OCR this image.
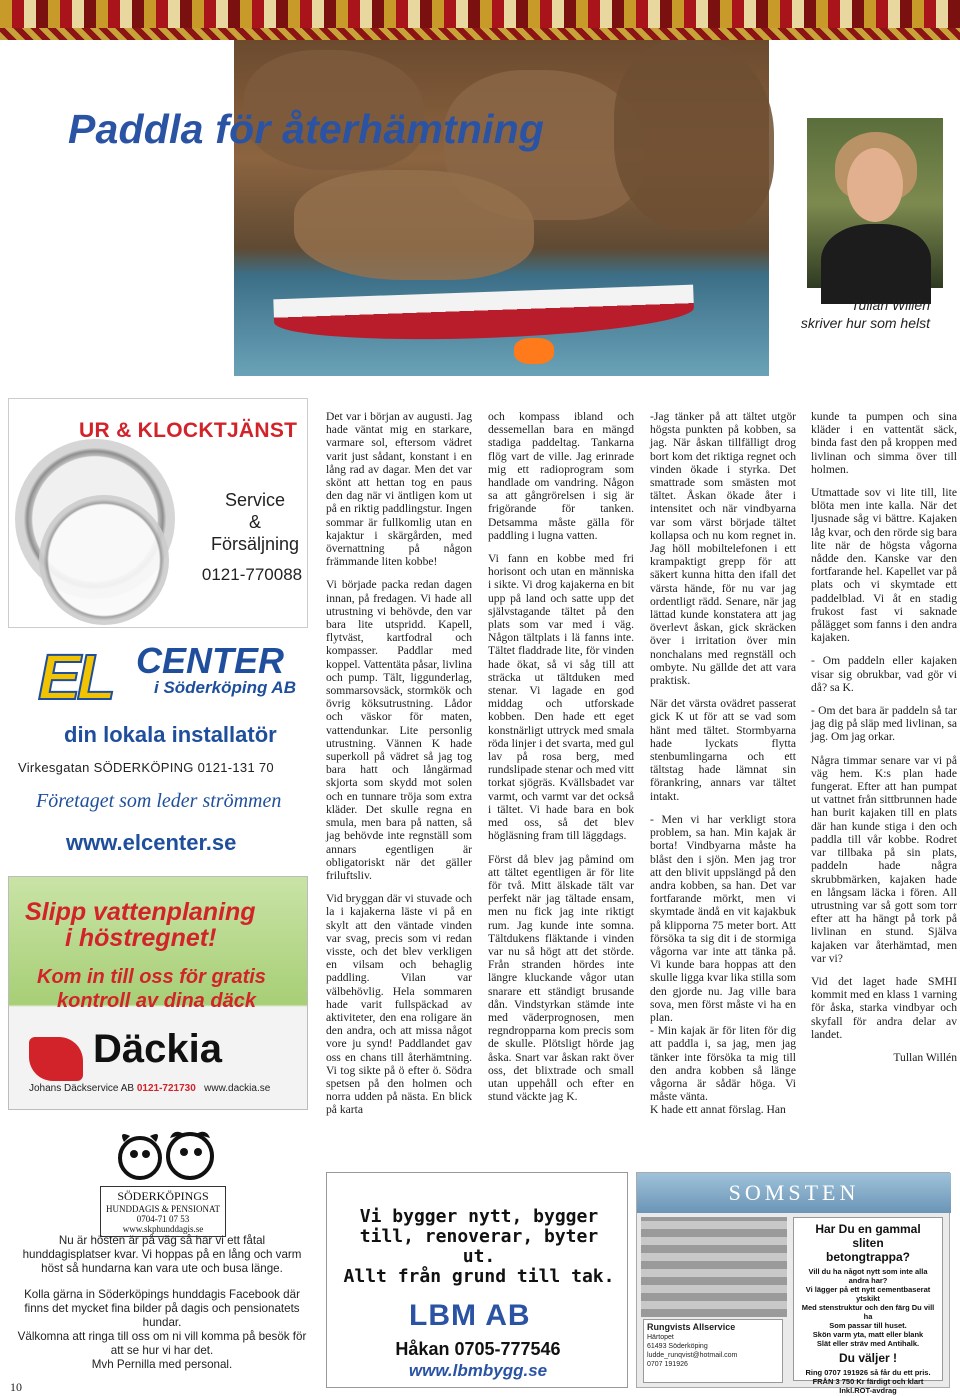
Paddla för återhämtning
Tullan Willén
skriver hur som helst
UR & KLOCKTJÄNST
Service
&
Försäljning
0121-770088
EL CENTER
i Söderköping AB
din lokala installatör
Virkesgatan SÖDERKÖPING 0121-131 70
Företaget som leder strömmen
www.elcenter.se
Slipp vattenplaning
i höstregnet!
Kom in till oss för gratis
kontroll av dina däck
Däckia
Johans Däckservice AB 0121-721730 www.dackia.se

Det var i början av augusti. Jag hade väntat mig en starkare, varmare sol, eftersom vädret varit just sådant, konstant i en lång rad av dagar. Men det var skönt att hettan tog en paus den dag när vi äntligen kom ut på en riktig paddlingstur. Ingen sommar är fullkomlig utan en kajaktur i skärgården, med övernattning på någon främmande liten kobbe!

Vi började packa redan dagen innan, på fredagen. Vi hade all utrustning vi behövde, den var bara lite utspridd. Kapell, flytväst, kartfodral och kompasser. Paddlar med koppel. Vattentäta påsar, livlina och pump. Tält, liggunderlag, sommarsovsäck, stormkök och övrig köksutrustning. Lådor och väskor för maten, vattendunkar. Lite personlig utrustning. Vännen K hade superkoll på vädret så jag tog bara hatt och långärmad skjorta som skydd mot solen och en tunnare tröja som extra kläder. Det skulle regna en smula, men bara på natten, så jag behövde inte regnställ som annars egentligen är obligatoriskt när det gäller friluftsliv.

Vid bryggan där vi stuvade och la i kajakerna läste vi på en skylt att den väntade vinden var svag, precis som vi redan visste, och det blev verkligen en vilsam och behaglig paddling. Vilan var välbehövlig. Hela sommaren hade varit fullspäckad av aktiviteter, den ena roligare än den andra, och att missa något vore ju synd! Paddlandet gav oss en chans till återhämtning. Vi tog sikte på ö efter ö. Södra spetsen på den holmen och norra udden på nästa. En blick på karta

och kompass ibland och dessemellan bara en mängd stadiga paddeltag. Tankarna flög vart de ville. Jag erinrade mig ett radioprogram som handlade om vandring. Någon sa att gångrörelsen i sig är frigörande för tanken. Detsamma måste gälla för paddling i lugna vatten.

Vi fann en kobbe med fri horisont och utan en människa i sikte. Vi drog kajakerna en bit upp på land och satte upp det självstagande tältet på den plats som var med i väg. Någon tältplats i lä fanns inte. Tältet fladdrade lite, för vinden hade ökat, så vi såg till att sträcka ut tältduken med stenar. Vi lagade en god middag och utforskade kobben. Den hade ett eget konstnärligt uttryck med smala röda linjer i det svarta, med gul lav på rosa berg, med rundslipade stenar och med vitt torkat sjögräs. Kvällsbadet var varmt, och varmt var det också i tältet. Vi hade bara en bok med oss, så det blev högläsning fram till läggdags.

Först då blev jag påmind om att tältet egentligen är för lite för två. Mitt älskade tält var perfekt när jag tältade ensam, men nu fick jag inte riktigt rum. Jag kunde inte somna. Tältdukens fläktande i vinden var nu så högt att det störde. Från stranden hördes inte längre kluckande vågor utan snarare ett ständigt brusande dån. Vindstyrkan stämde inte med väderprognosen, men regndropparna kom precis som de skulle. Plötsligt hörde jag åska. Snart var åskan rakt över oss, det blixtrade och small utan uppehåll och efter en stund väckte jag K.

-Jag tänker på att tältet utgör högsta punkten på kobben, sa jag. När åskan tillfälligt drog bort kom det riktiga regnet och vinden ökade i styrka. Det smattrade som smästen mot tältet. Åskan ökade åter i intensitet och när vindbyarna var som värst började tältet kollapsa och nu kom regnet in. Jag höll mobiltelefonen i ett krampaktigt grepp för att säkert kunna hitta den ifall det värsta hände, för nu var jag ordentligt rädd. Senare, när jag lättad kunde konstatera att jag överlevt åskan, gick skräcken över i irritation över min nonchalans med regnställ och ombyte. Nu gällde det att vara praktisk.

När det värsta ovädret passerat gick K ut för att se vad som hänt med tältet. Stormbyarna hade lyckats flytta stenbumlingarna och ett tältstag hade lämnat sin förankring, annars var tältet intakt.

- Men vi har verkligt stora problem, sa han. Min kajak är borta! Vindbyarna måste ha blåst den i sjön. Men jag tror att den blivit uppslängd på den andra kobben, sa han. Det var fortfarande mörkt, men vi skymtade ändå en vit kajakbuk på klipporna 75 meter bort. Att försöka ta sig dit i de stormiga vågorna var inte att tänka på. Vi kunde bara hoppas att den skulle ligga kvar lika stilla som den gjorde nu. Jag ville bara sova, men först måste vi ha en plan.

- Min kajak är för liten för dig att paddla i, sa jag, men jag tänker inte försöka ta mig till den andra kobben så länge vågorna är sådär höga. Vi måste vänta.

K hade ett annat förslag. Han

kunde ta pumpen och sina kläder i en vattentät säck, binda fast den på kroppen med livlinan och simma över till holmen.

Utmattade sov vi lite till, lite blöta men inte kalla. När det ljusnade såg vi bättre. Kajaken låg kvar, och den rörde sig bara lite när de högsta vågorna nådde den. Kanske var den fortfarande hel. Kapellet var på plats och vi skymtade ett paddelblad. Vi åt en stadig frukost fast vi saknade pålägget som fanns i den andra kajaken.

- Om paddeln eller kajaken visar sig obrukbar, vad gör vi då? sa K.

- Om det bara är paddeln så tar jag dig på släp med livlinan, sa jag. Om jag orkar.

Några timmar senare var vi på väg hem. K:s plan hade fungerat. Efter att han pumpat ut vattnet från sittbrunnen hade han burit kajaken till en plats där han kunde stiga i den och paddla till vår kobbe. Rodret var tillbaka på sin plats, paddeln hade några skrubbmärken, kajaken hade en långsam läcka i fören. All utrustning var så gott som torr efter att ha hängt på tork på livlinan en stund. Själva kajaken var återhämtad, men var vi?

Vid det laget hade SMHI kommit med en klass 1 varning för åska, starka vindbyar och skyfall för andra delar av landet.

Tullan Willén
SÖDERKÖPINGS
HUNDDAGIS & PENSIONAT
0704-71 07 53
www.skphunddagis.se

Nu är hösten är på väg så har vi ett fåtal hunddagisplatser kvar. Vi hoppas på en lång och varm höst så hundarna kan vara ute och busa länge.

Kolla gärna in Söderköpings hunddagis Facebook där finns det mycket fina bilder på dagis och pensionatets hundar.

Välkomna att ringa till oss om ni vill komma på besök för att se hur vi har det.

Mvh Pernilla med personal.

Vi bygger nytt, bygger
till, renoverar, byter ut.
Allt från grund till tak.
LBM AB
Håkan 0705-777546
www.lbmbygg.se
SOMSTEN
Rungvists Allservice
Härtopet
61493 Söderköping
ludde_runqvist@hotmail.com
0707 191926
Har Du en gammal sliten
betongtrappa?
Vill du ha något nytt som inte alla andra har?
Vi lägger på ett nytt cementbaserat ytskikt
Med stenstruktur och den färg Du vill ha
Som passar till huset.
Skön varm yta, matt eller blank
Slät eller sträv med Antihalk.
Du väljer !
Ring 0707 191926 så får du ett pris.
FRÅN 3 750 Kr färdigt och klart
Inkl.ROT-avdrag
10
